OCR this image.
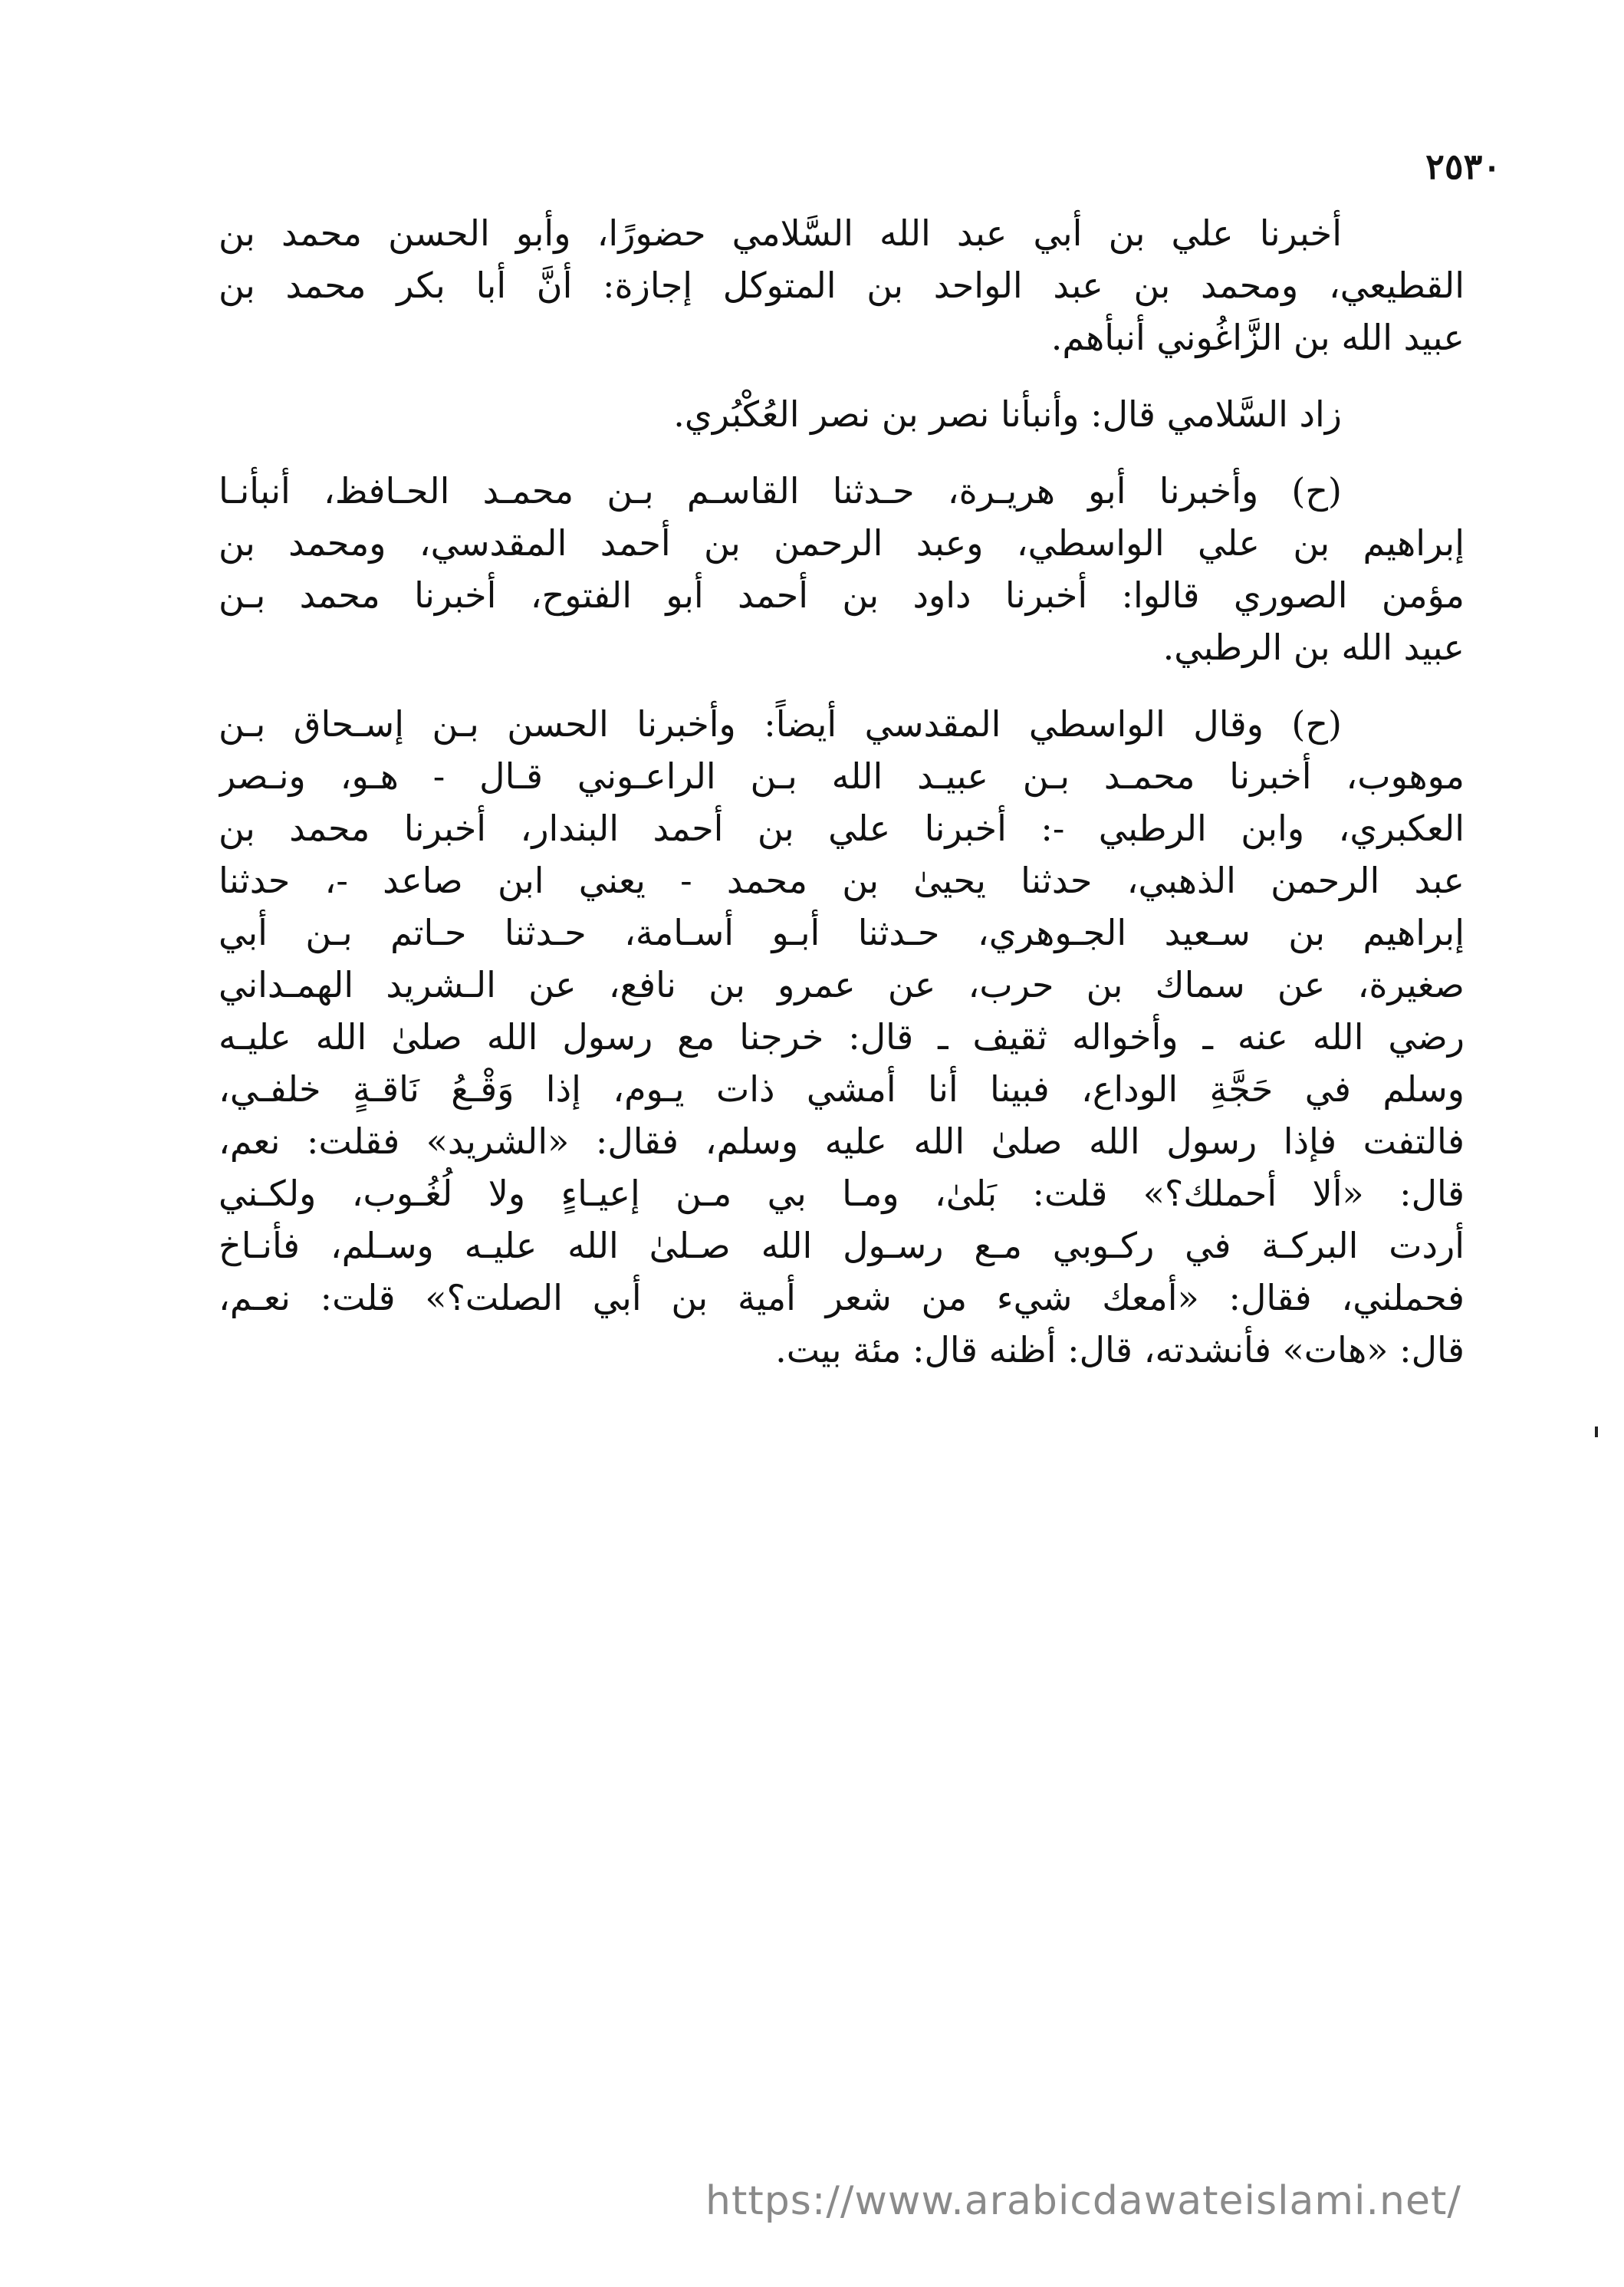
٢٥٣٠

أخبرنا علي بن أبي عبد الله السَّلامي حضورًا، وأبو الحسن محمد بن
القطيعي، ومحمد بن عبد الواحد بن المتوكل إجازة: أنَّ أبا بكر محمد بن
عبيد الله بن الزَّاغُوني أنبأهم.

زاد السَّلامي قال: وأنبأنا نصر بن نصر العُكْبُري.

(ح) وأخبرنا أبو هريـرة، حـدثنا القاسـم بـن محمـد الحـافظ، أنبأنـا
إبراهيم بن علي الواسطي، وعبد الرحمن بن أحمد المقدسي، ومحمد بن
مؤمن الصوري قالوا: أخبرنا داود بن أحمد أبو الفتوح، أخبرنا محمد بـن
عبيد الله بن الرطبي.

(ح) وقال الواسطي المقدسي أيضاً: وأخبرنا الحسن بـن إسـحاق بـن
موهوب، أخبرنا محمـد بـن عبيـد الله بـن الراعـوني قـال - هـو، ونـصر
العكبري، وابن الرطبي -: أخبرنا علي بن أحمد البندار، أخبرنا محمد بن
عبد الرحمن الذهبي، حدثنا يحيىٰ بن محمد - يعني ابن صاعد -، حدثنا
إبراهيم بن سـعيد الجـوهري، حـدثنا أبـو أسـامة، حـدثنا حـاتم بـن أبي
صغيرة، عن سماك بن حرب، عن عمرو بن نافع، عن الـشريد الهمـداني
رضي الله عنه ـ وأخواله ثقيف ـ قال: خرجنا مع رسول الله صلىٰ الله عليـه
وسلم في حَجَّةِ الوداع، فبينا أنا أمشي ذات يـوم، إذا وَقْـعُ نَاقـةٍ خلفـي،
فالتفت فإذا رسول الله صلىٰ الله عليه وسلم، فقال: «الشريد» فقلت: نعم،
قال: «ألا أحملك؟» قلت: بَلىٰ، ومـا بي مـن إعيـاءٍ ولا لُغُـوب، ولكـني
أردت البركـة في ركـوبي مـع رسـول الله صـلىٰ الله عليـه وسـلم، فأنـاخ
فحملني، فقال: «أمعك شيء من شعر أمية بن أبي الصلت؟» قلت: نعـم،
قال: «هات» فأنشدته، قال: أظنه قال: مئة بيت.

https://www.arabicdawateislami.net/
